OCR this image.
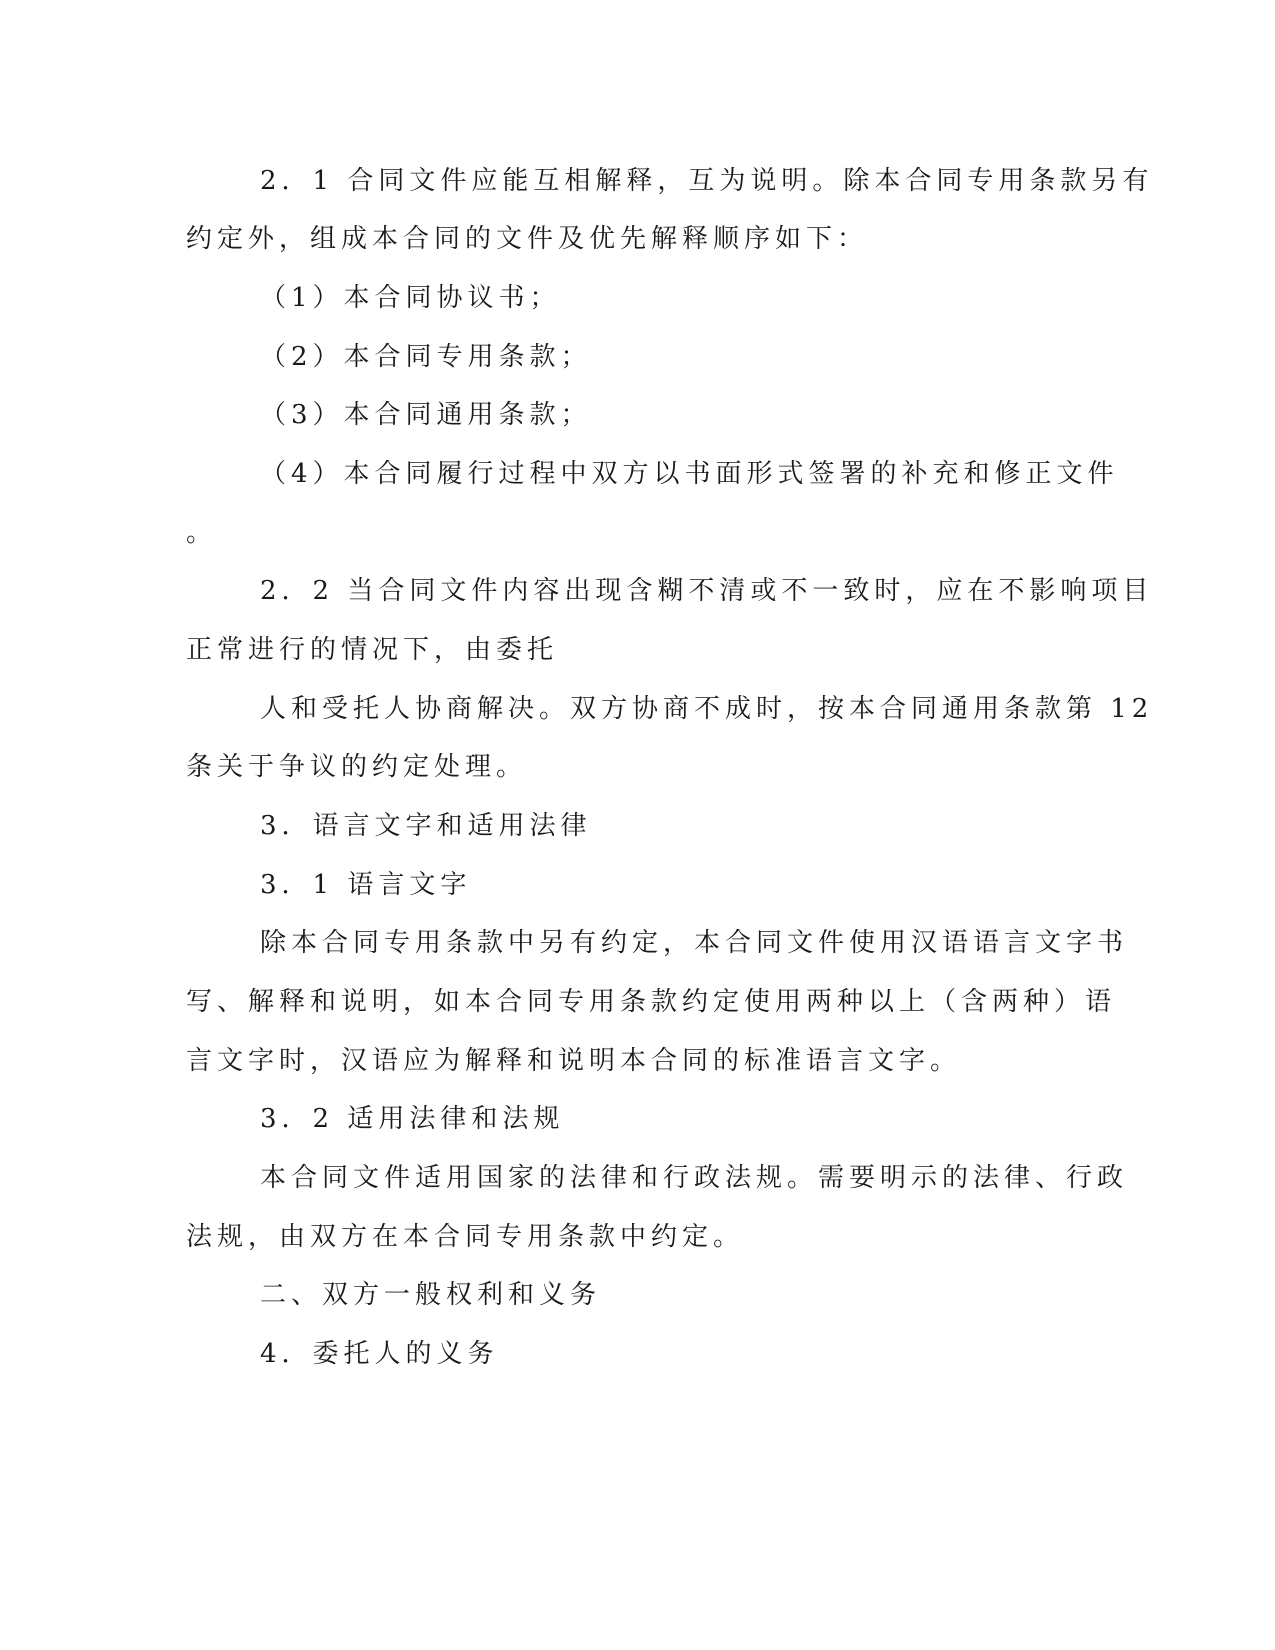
2．1 合同文件应能互相解释，互为说明。除本合同专用条款另有
约定外，组成本合同的文件及优先解释顺序如下：
（1）本合同协议书；
（2）本合同专用条款；
（3）本合同通用条款；
（4）本合同履行过程中双方以书面形式签署的补充和修正文件
。
2．2 当合同文件内容出现含糊不清或不一致时，应在不影响项目
正常进行的情况下，由委托
人和受托人协商解决。双方协商不成时，按本合同通用条款第 12
条关于争议的约定处理。
3．语言文字和适用法律
3．1 语言文字
除本合同专用条款中另有约定，本合同文件使用汉语语言文字书
写、解释和说明，如本合同专用条款约定使用两种以上（含两种）语
言文字时，汉语应为解释和说明本合同的标准语言文字。
3．2 适用法律和法规
本合同文件适用国家的法律和行政法规。需要明示的法律、行政
法规，由双方在本合同专用条款中约定。
二、双方一般权利和义务
4．委托人的义务
